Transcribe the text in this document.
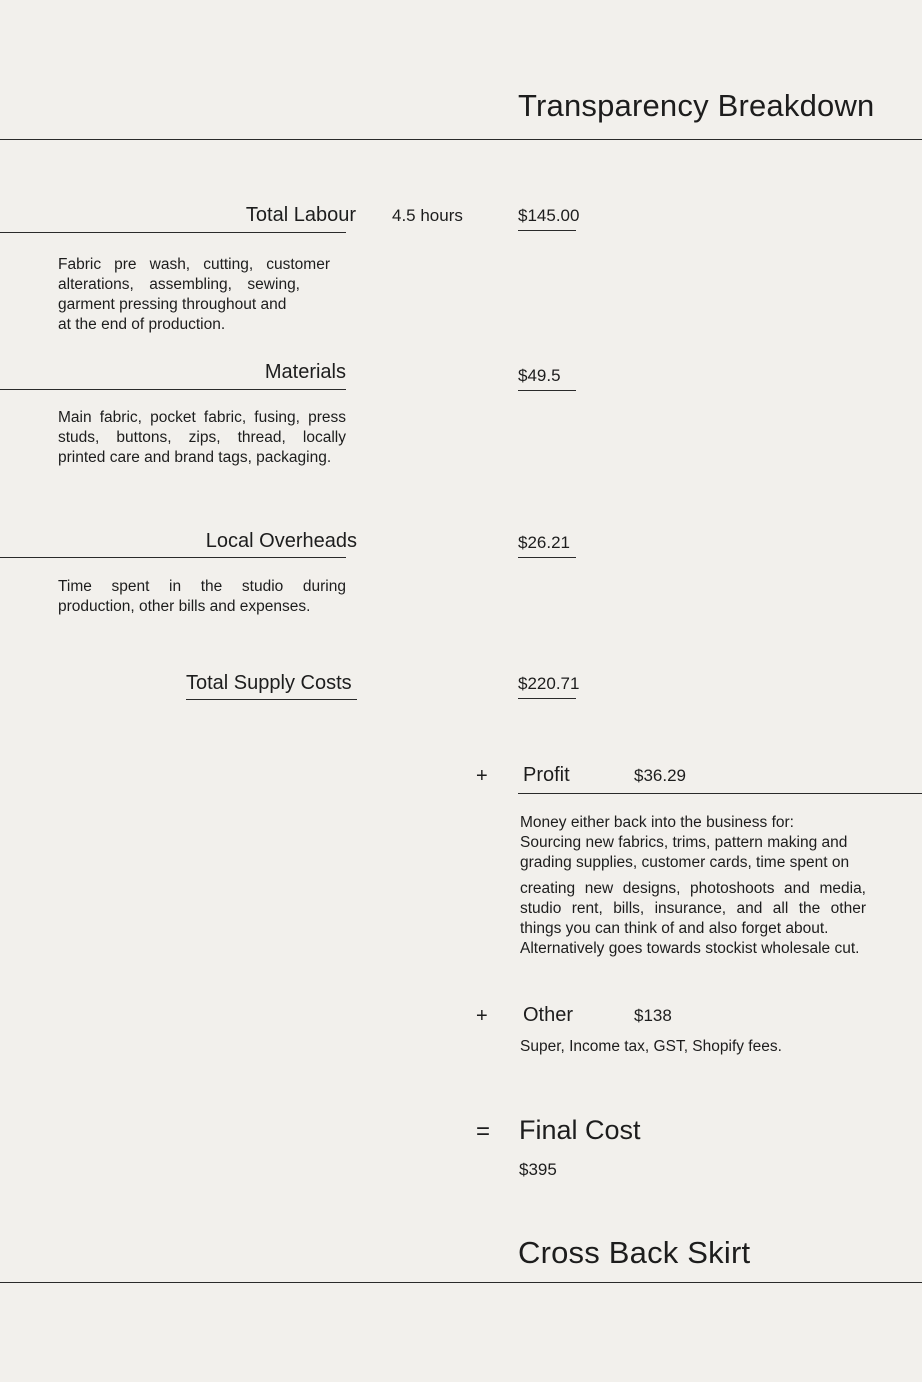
Transparency Breakdown
Total Labour 4.5 hours	$145.00
Fabric pre wash, cutting, customer
alterations, assembling, sewing,
garment pressing throughout and
at the end of production.
Materials	$49.5
Main fabric, pocket fabric, fusing, press
studs, buttons, zips, thread, locally
printed care and brand tags, packaging.
Local Overheads	$26.21
Time spent in the studio during
production, other bills and expenses.
Total Supply Costs	$220.71
+ Profit	$36.29
Money either back into the business for:
Sourcing new fabrics, trims, pattern making and
grading supplies, customer cards, time spent on
creating new designs, photoshoots and media,
studio rent, bills, insurance, and all the other
things you can think of and also forget about.
Alternatively goes towards stockist wholesale cut.
+ Other	$138
Super, Income tax, GST, Shopify fees.
= Final Cost
$395
Cross Back Skirt
